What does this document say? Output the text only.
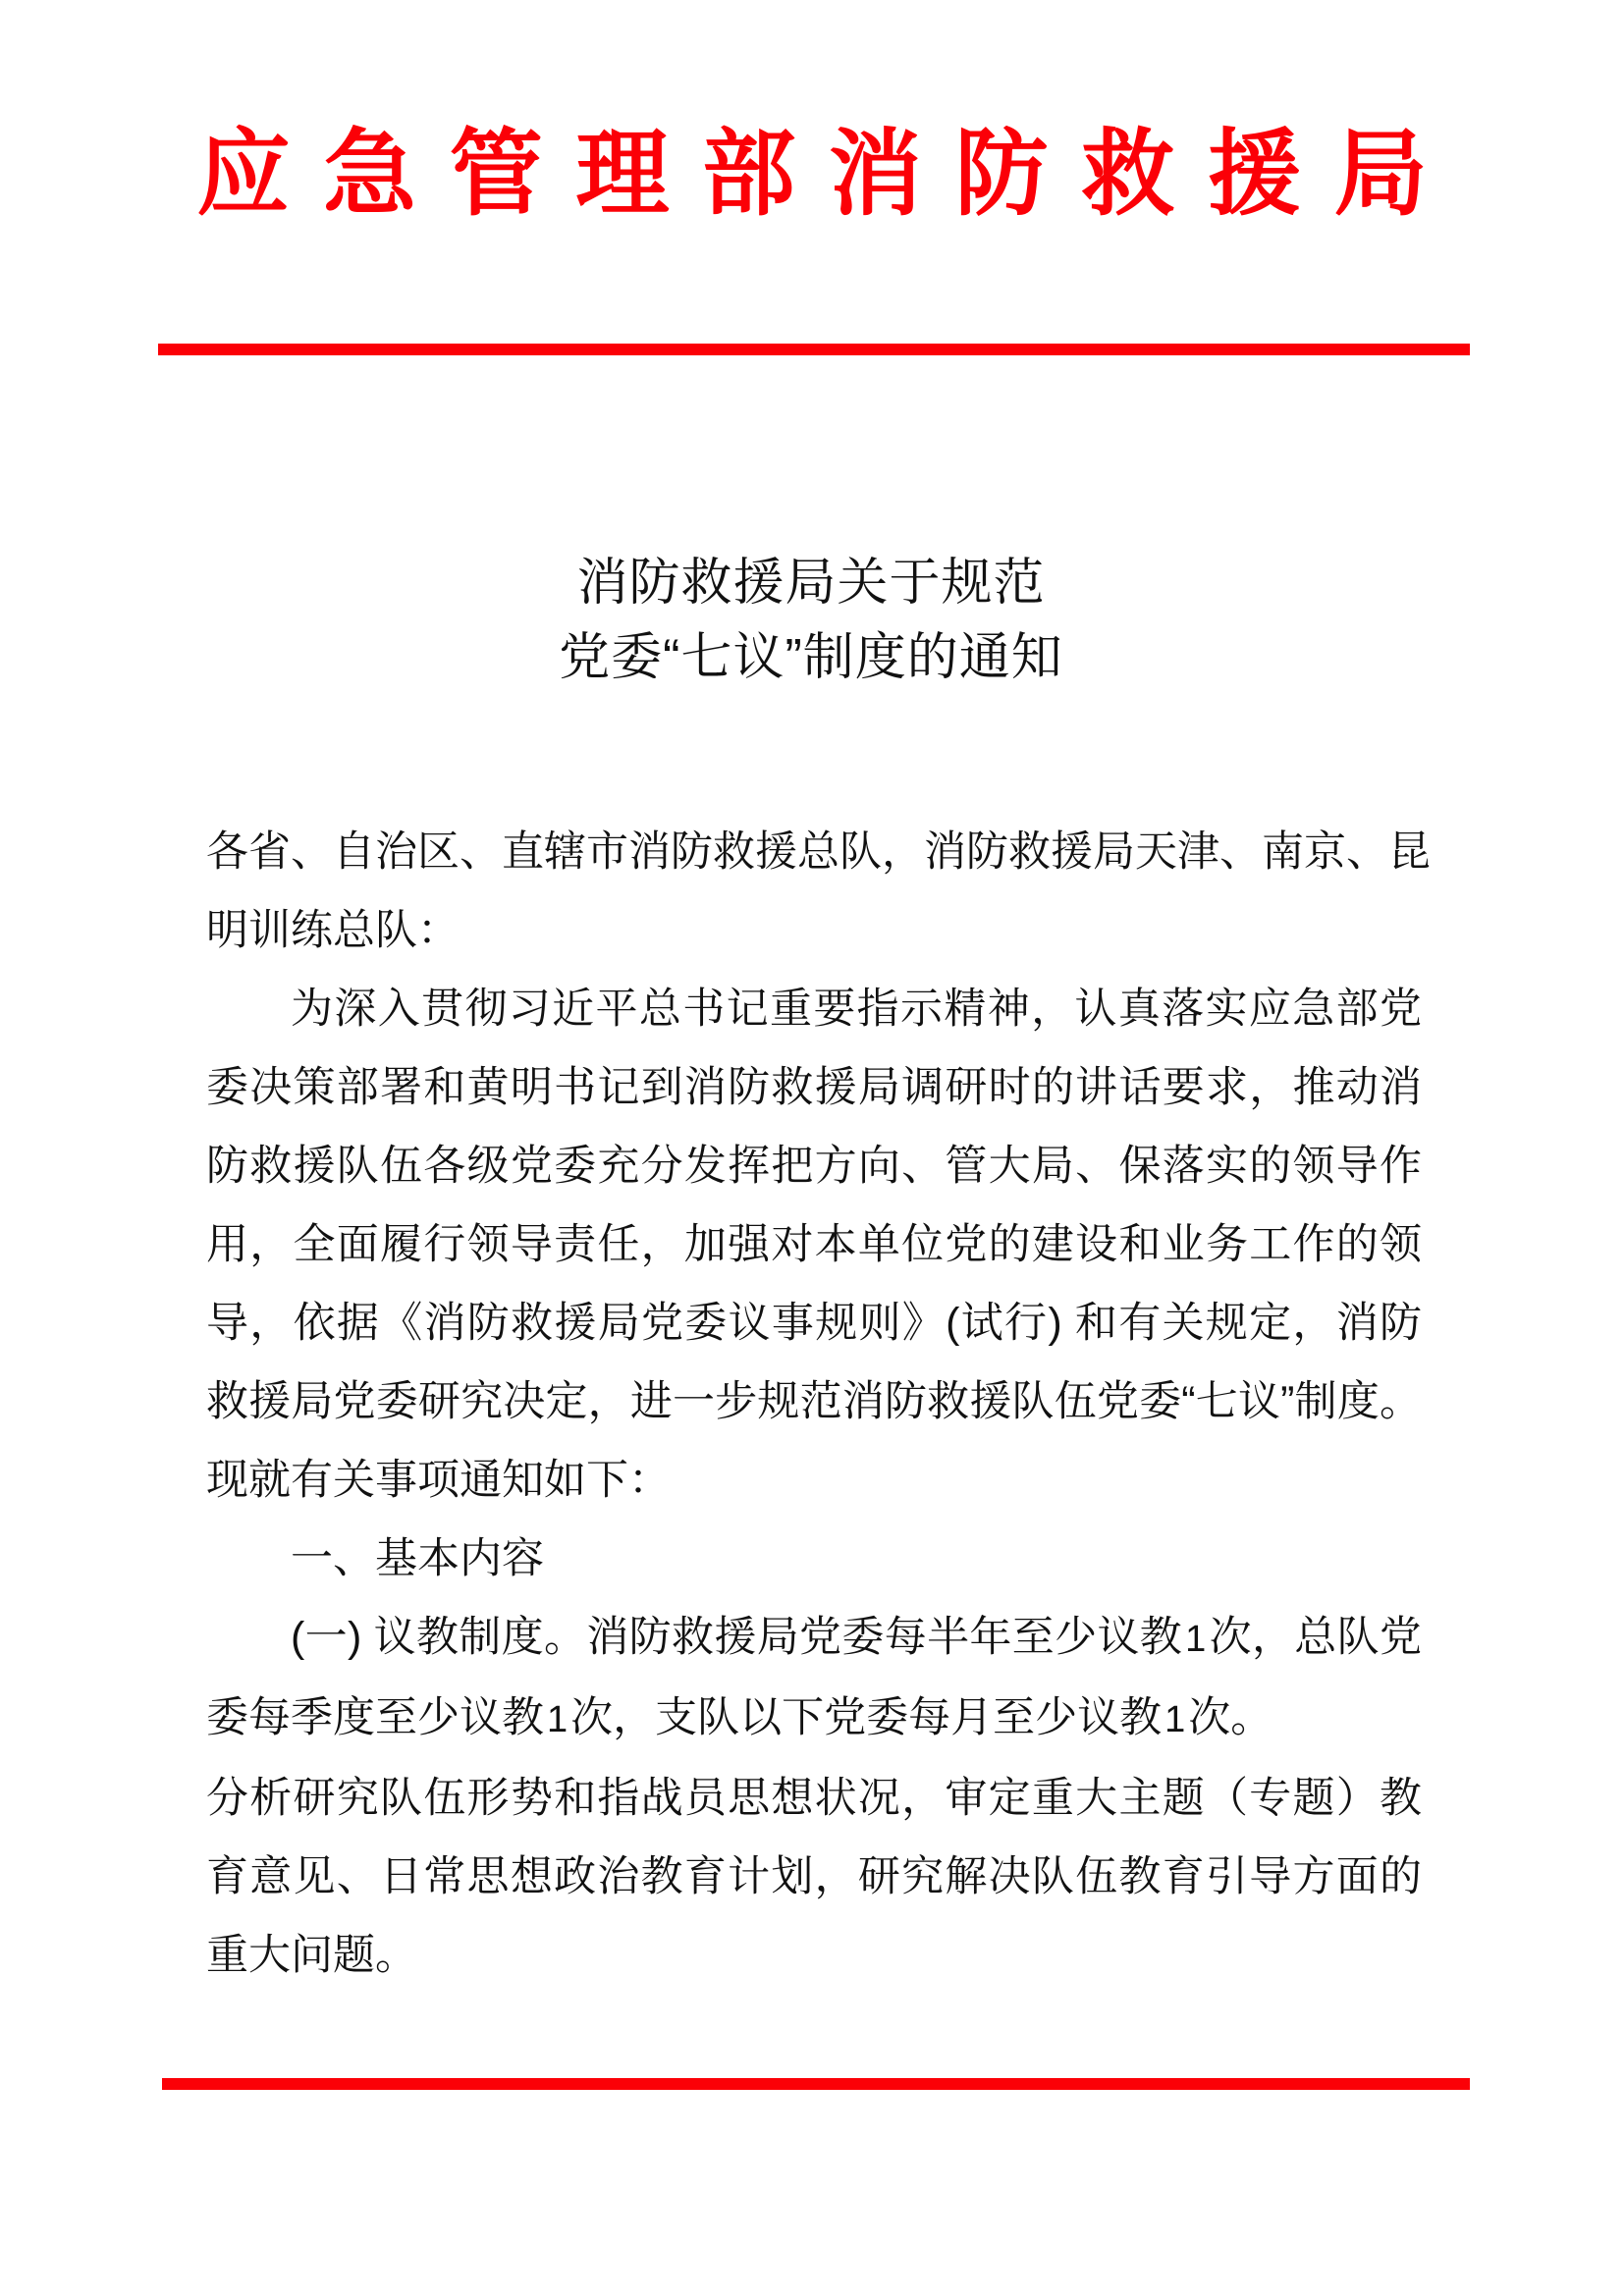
应急管理部消防救援局
消防救援局关于规范
党委“七议”制度的通知

各省、自治区、直辖市消防救援总队，消防救援局天津、南京、昆

明训练总队：

为深入贯彻习近平总书记重要指示精神，认真落实应急部党委决策部署和黄明书记到消防救援局调研时的讲话要求，推动消防救援队伍各级党委充分发挥把方向、管大局、保落实的领导作用，全面履行领导责任，加强对本单位党的建设和业务工作的领导，依据《消防救援局党委议事规则》(试行) 和有关规定，消防救援局党委研究决定，进一步规范消防救援队伍党委“七议”制度。现就有关事项通知如下：

一、基本内容

(一) 议教制度。消防救援局党委每半年至少议教1次，总队党委每季度至少议教1次，支队以下党委每月至少议教1次。

分析研究队伍形势和指战员思想状况，审定重大主题（专题）教育意见、日常思想政治教育计划，研究解决队伍教育引导方面的重大问题。
